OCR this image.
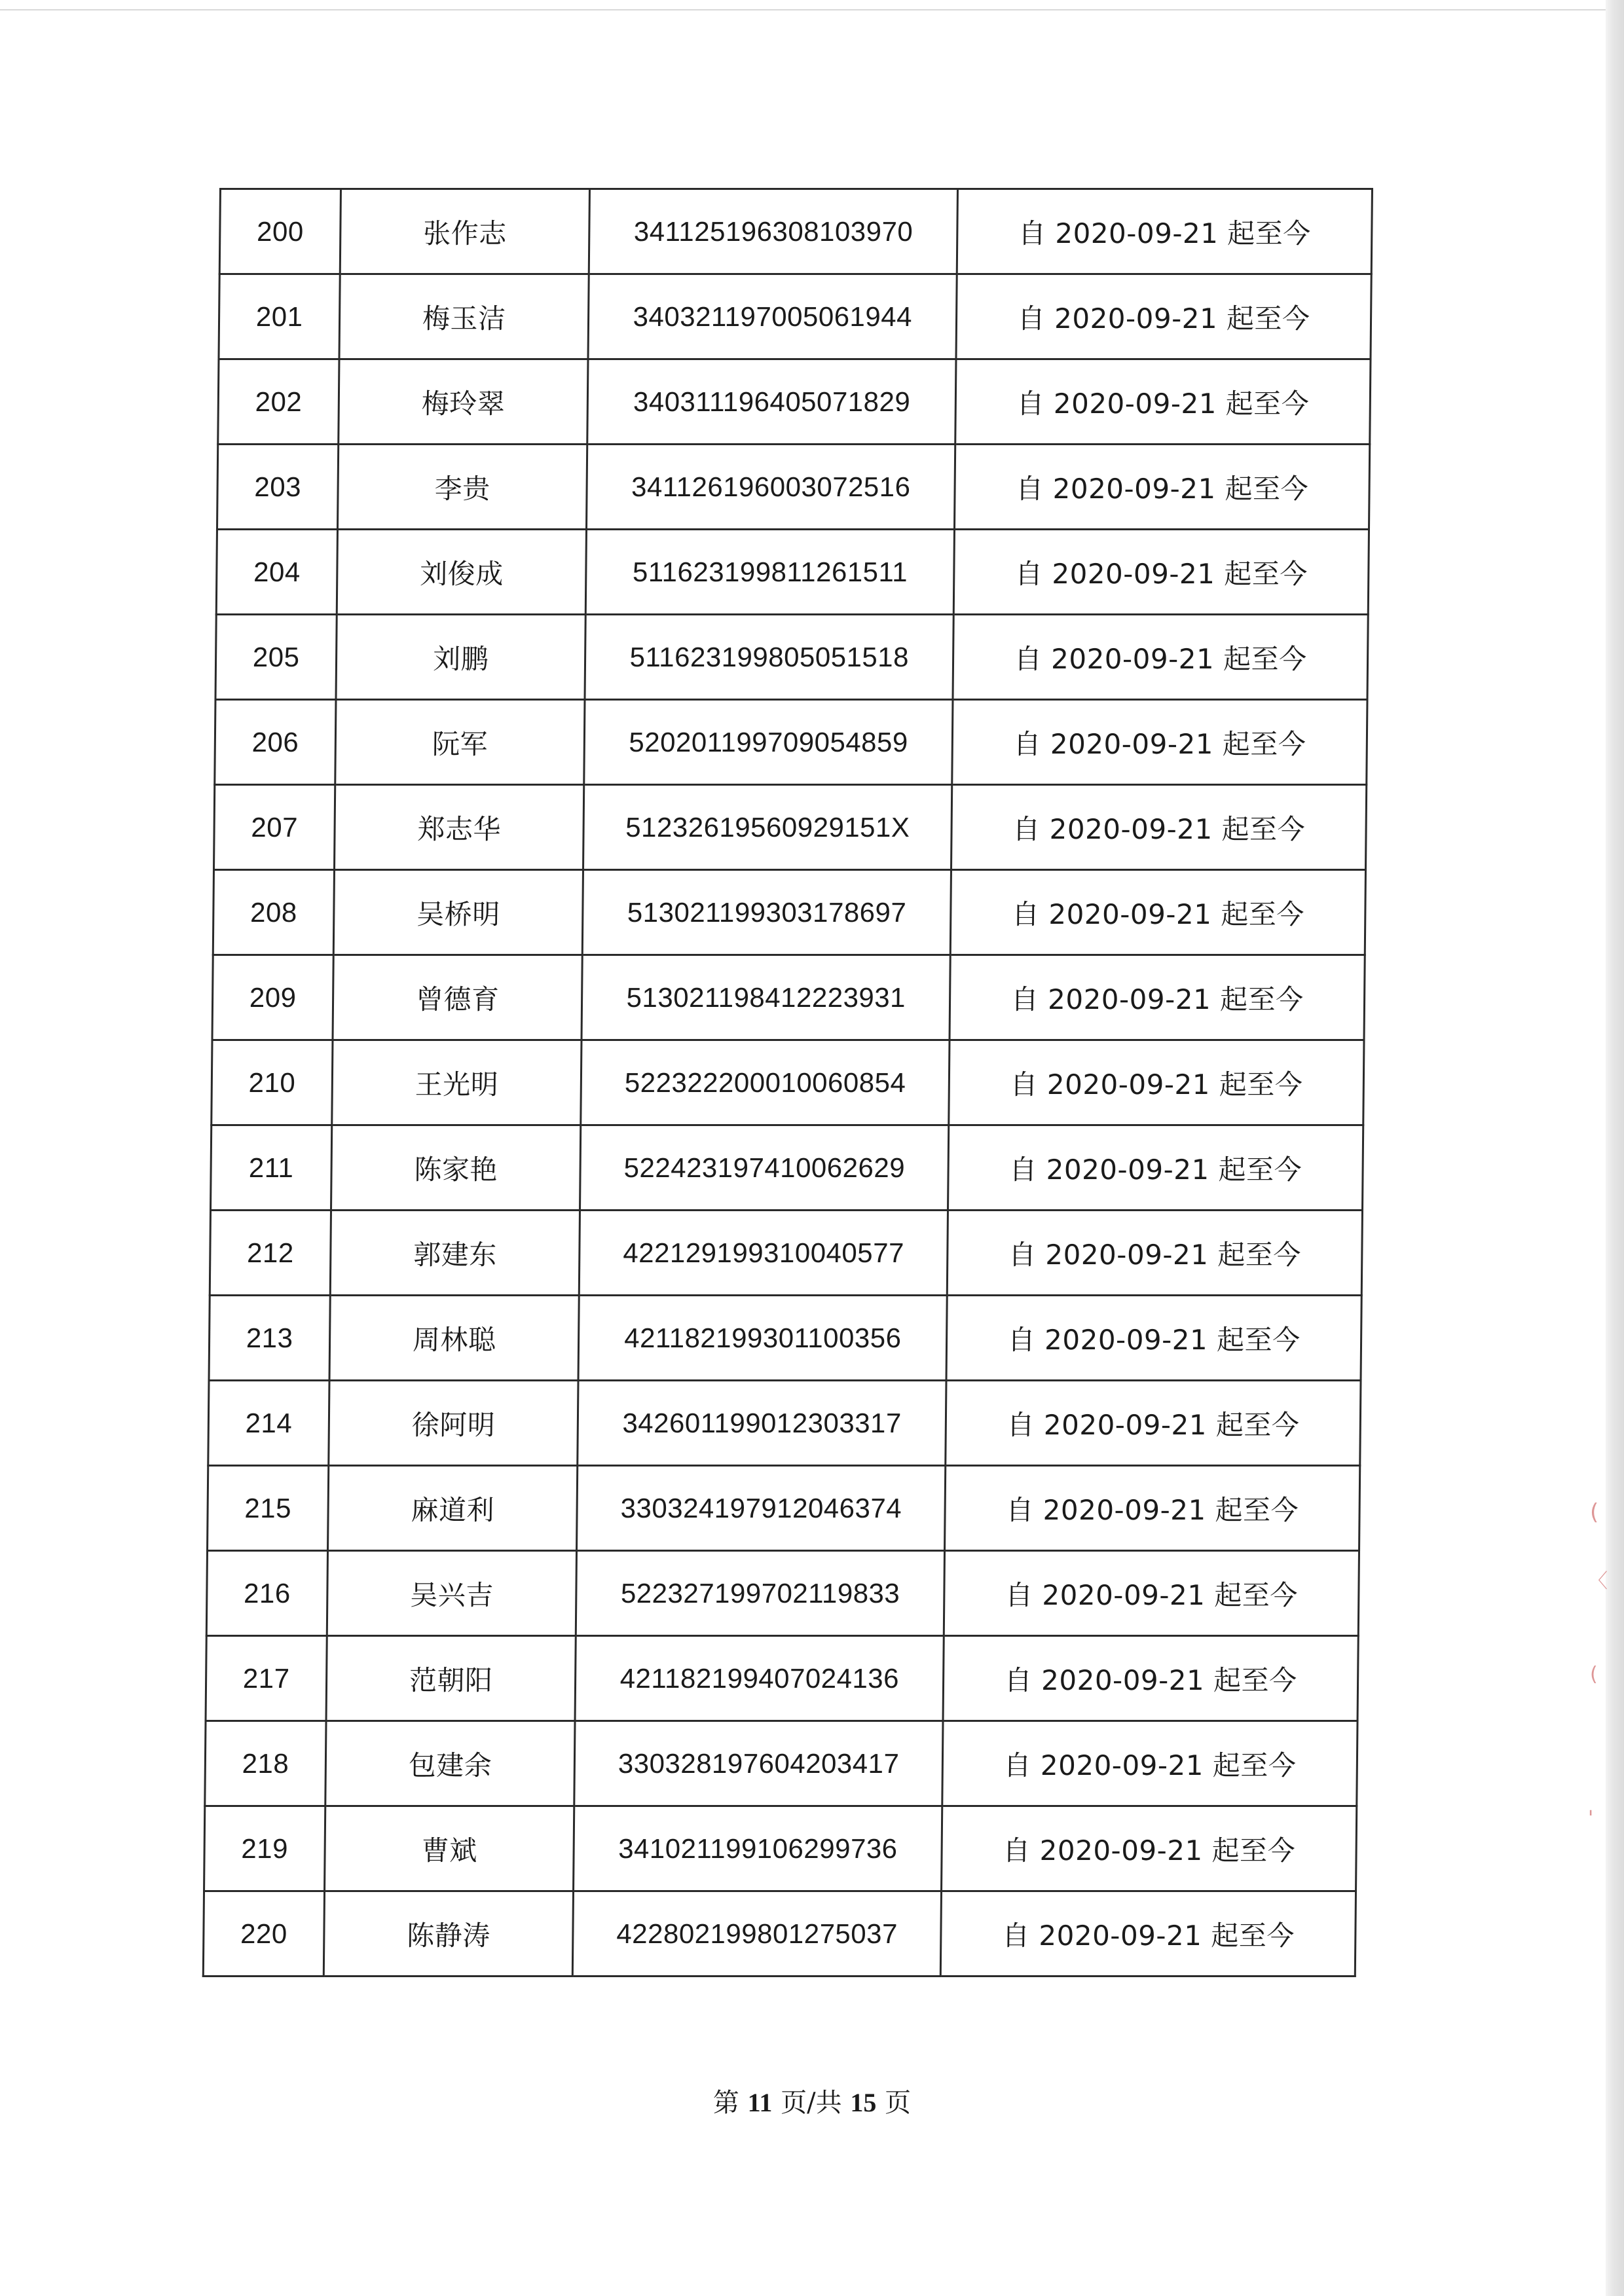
200	张作志	341125196308103970	自 2020-09-21 起至今
201	梅玉洁	340321197005061944	自 2020-09-21 起至今
202	梅玲翠	340311196405071829	自 2020-09-21 起至今
203	李贵	341126196003072516	自 2020-09-21 起至今
204	刘俊成	511623199811261511	自 2020-09-21 起至今
205	刘鹏	511623199805051518	自 2020-09-21 起至今
206	阮军	520201199709054859	自 2020-09-21 起至今
207	郑志华	51232619560929151X	自 2020-09-21 起至今
208	吴桥明	513021199303178697	自 2020-09-21 起至今
209	曾德育	513021198412223931	自 2020-09-21 起至今
210	王光明	522322200010060854	自 2020-09-21 起至今
211	陈家艳	522423197410062629	自 2020-09-21 起至今
212	郭建东	422129199310040577	自 2020-09-21 起至今
213	周林聪	421182199301100356	自 2020-09-21 起至今
214	徐阿明	342601199012303317	自 2020-09-21 起至今
215	麻道利	330324197912046374	自 2020-09-21 起至今
216	吴兴吉	522327199702119833	自 2020-09-21 起至今
217	范朝阳	421182199407024136	自 2020-09-21 起至今
218	包建余	330328197604203417	自 2020-09-21 起至今
219	曹斌	341021199106299736	自 2020-09-21 起至今
220	陈静涛	422802199801275037	自 2020-09-21 起至今
第 11 页/共 15 页
(
〈
(
'
